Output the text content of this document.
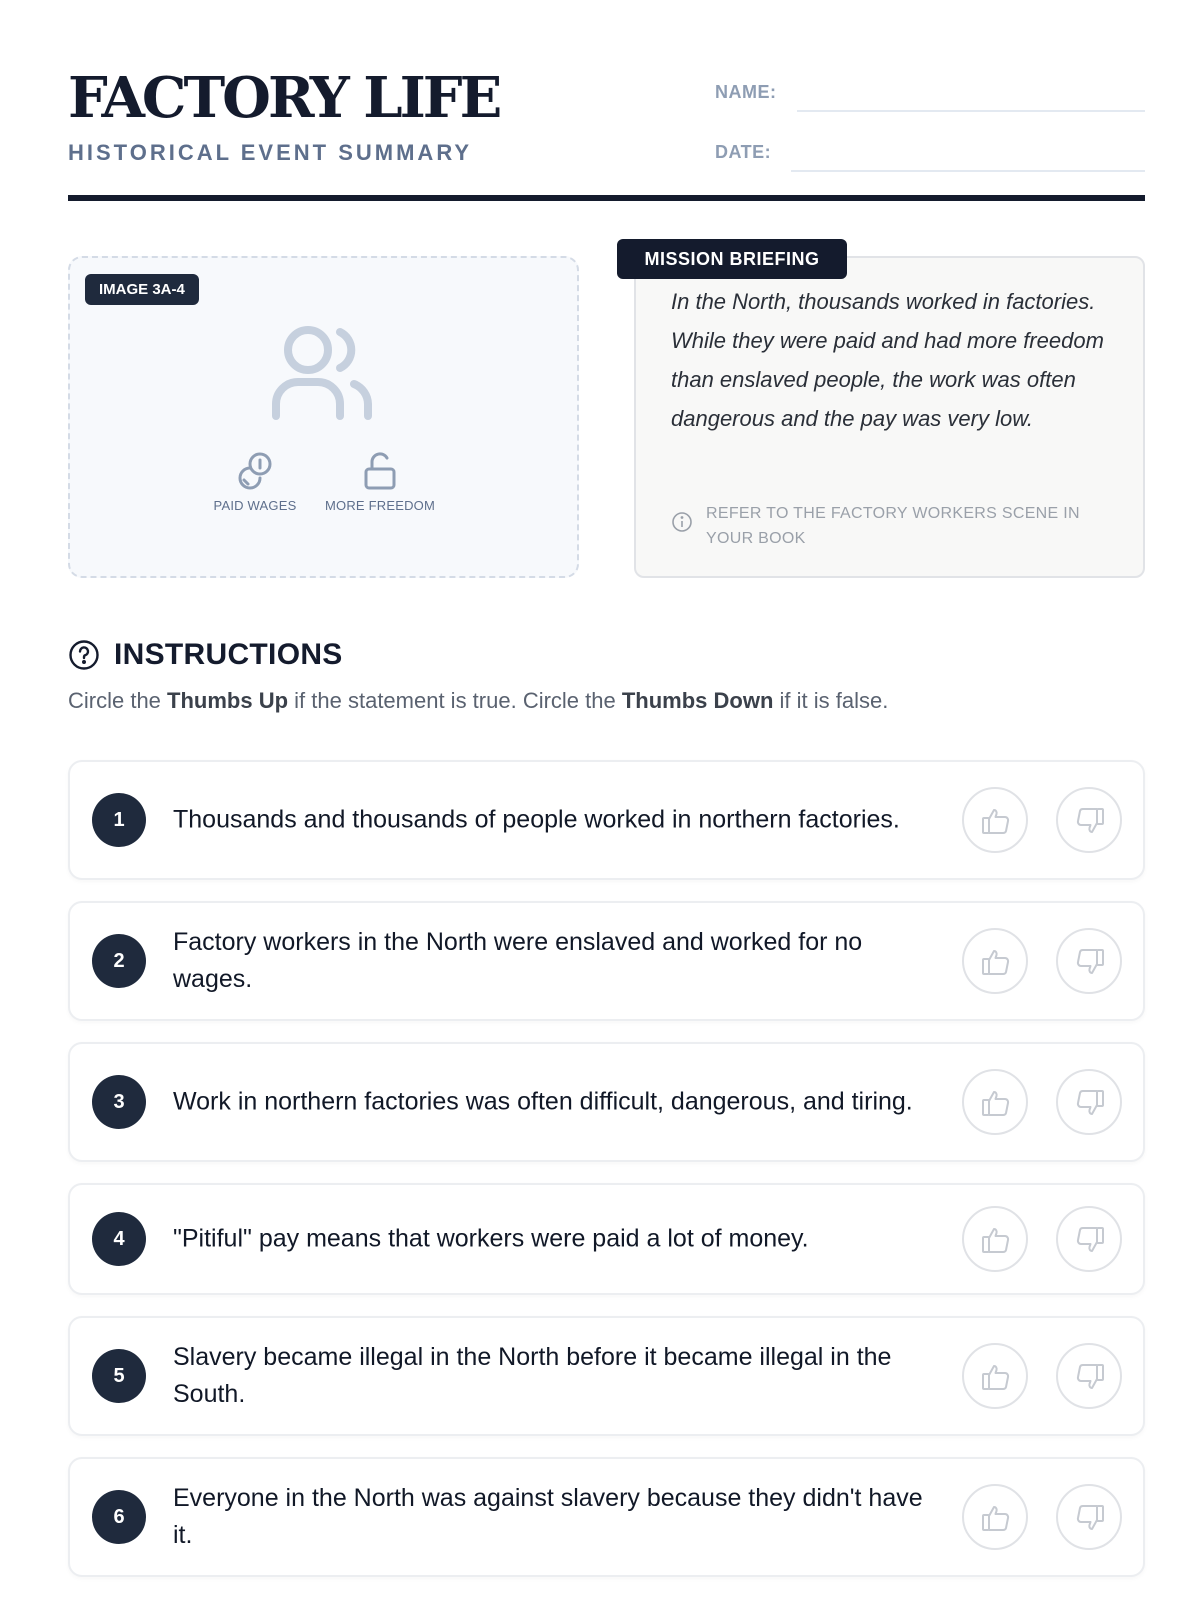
FACTORY LIFE
HISTORICAL EVENT SUMMARY
NAME:
DATE:
IMAGE 3A-4
PAID WAGES	MORE FREEDOM
MISSION BRIEFING
In the North, thousands worked in factories. While they were paid and had more freedom than enslaved people, the work was often dangerous and the pay was very low.
REFER TO THE FACTORY WORKERS SCENE IN YOUR BOOK
INSTRUCTIONS
Circle the Thumbs Up if the statement is true. Circle the Thumbs Down if it is false.
1	Thousands and thousands of people worked in northern factories.
2
Factory workers in the North were enslaved and worked for no wages.
3	Work in northern factories was often difficult, dangerous, and tiring.
4	"Pitiful" pay means that workers were paid a lot of money.
5
Slavery became illegal in the North before it became illegal in the South.
6
Everyone in the North was against slavery because they didn't have it.
